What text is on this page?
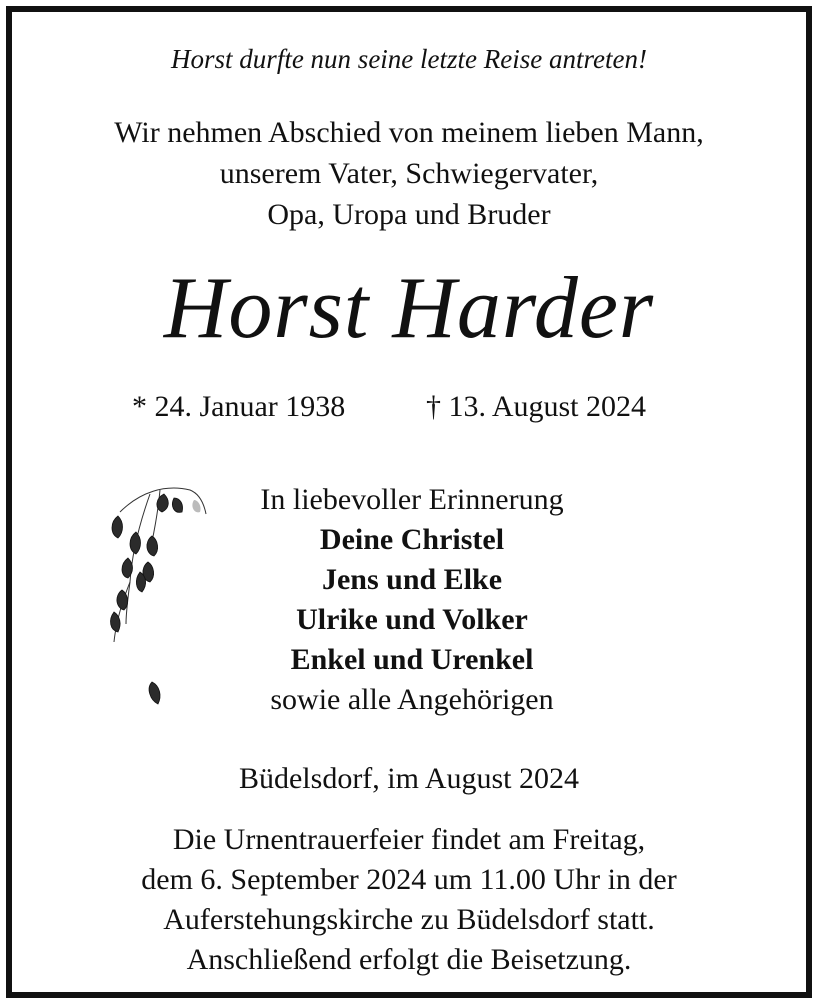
Horst durfte nun seine letzte Reise antreten!
Wir nehmen Abschied von meinem lieben Mann,
unserem Vater, Schwiegervater,
Opa, Uropa und Bruder
Horst Harder
* 24. Januar 1938	† 13. August 2024
In liebevoller Erinnerung
Deine Christel
Jens und Elke
Ulrike und Volker
Enkel und Urenkel
sowie alle Angehörigen
Büdelsdorf, im August 2024
Die Urnentrauerfeier findet am Freitag,
dem 6. September 2024 um 11.00 Uhr in der
Auferstehungskirche zu Büdelsdorf statt.
Anschließend erfolgt die Beisetzung.
